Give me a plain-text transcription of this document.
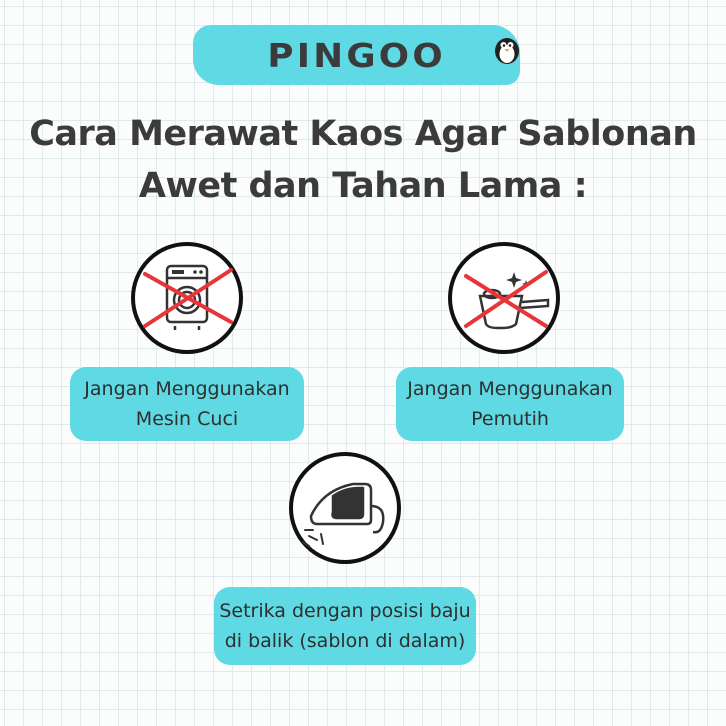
PINGOO
Cara Merawat Kaos Agar Sablonan
Awet dan Tahan Lama :
Jangan Menggunakan
Mesin Cuci
Jangan Menggunakan
Pemutih
Setrika dengan posisi baju
di balik (sablon di dalam)
